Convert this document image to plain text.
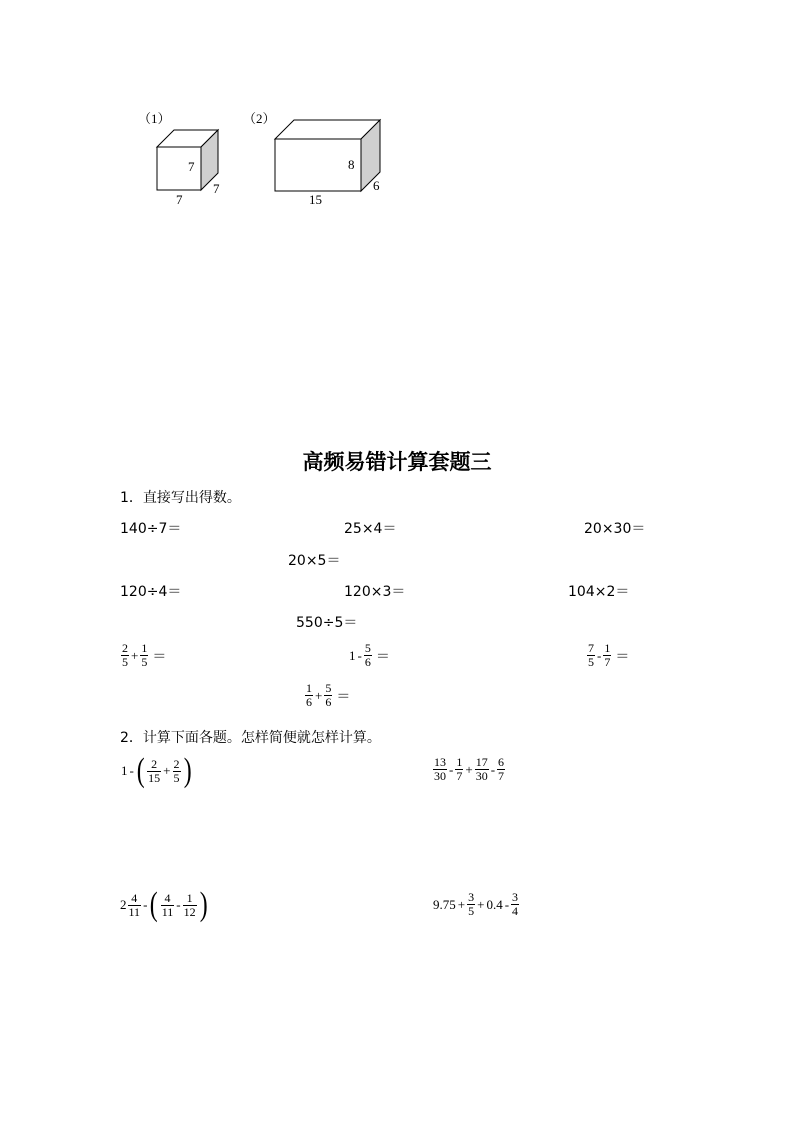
（1）
7
7
7
（2）
8
15
6
高频易错计算套题三
1．直接写出得数。
140÷7＝	25×4＝	20×30＝
20×5＝
120÷4＝	120×3＝	104×2＝
550÷5＝
$\frac{2}{5} + \frac{1}{5}$ ＝	$1 - \frac{5}{6}$ ＝	$\frac{7}{5} - \frac{1}{7}$ ＝
$\frac{1}{6} + \frac{5}{6}$ ＝
2．计算下面各题。怎样简便就怎样计算。
1 - ( $\frac{2}{15} + \frac{2}{5}$ )	$\frac{13}{30} - \frac{1}{7} + \frac{17}{30} - \frac{6}{7}$
$2 \frac{4}{11}$ - ( $\frac{4}{11} - \frac{1}{12}$ )	$9.75 + \frac{3}{5} + 0.4 - \frac{3}{4}$
